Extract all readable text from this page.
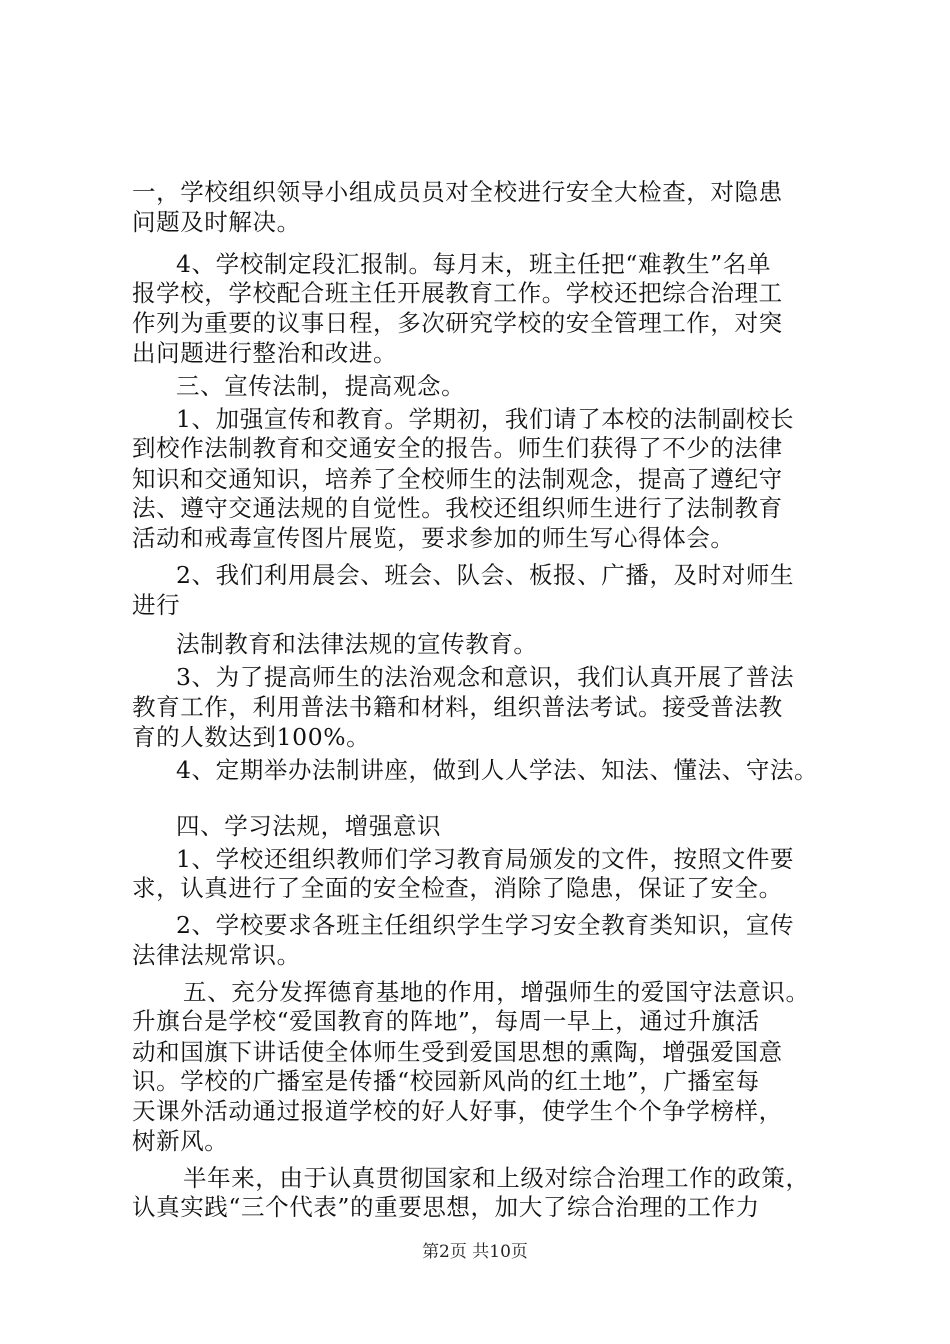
一，学校组织领导小组成员员对全校进行安全大检查，对隐患
问题及时解决。
4、学校制定段汇报制。每月末，班主任把“难教生”名单
报学校，学校配合班主任开展教育工作。学校还把综合治理工
作列为重要的议事日程，多次研究学校的安全管理工作，对突
出问题进行整治和改进。
三、宣传法制，提高观念。
1、加强宣传和教育。学期初，我们请了本校的法制副校长
到校作法制教育和交通安全的报告。师生们获得了不少的法律
知识和交通知识，培养了全校师生的法制观念，提高了遵纪守
法、遵守交通法规的自觉性。我校还组织师生进行了法制教育
活动和戒毒宣传图片展览，要求参加的师生写心得体会。
2、我们利用晨会、班会、队会、板报、广播，及时对师生
进行
法制教育和法律法规的宣传教育。
3、为了提高师生的法治观念和意识，我们认真开展了普法
教育工作，利用普法书籍和材料，组织普法考试。接受普法教
育的人数达到100%。
4、定期举办法制讲座，做到人人学法、知法、懂法、守法。
四、学习法规，增强意识
1、学校还组织教师们学习教育局颁发的文件，按照文件要
求，认真进行了全面的安全检查，消除了隐患，保证了安全。
2、学校要求各班主任组织学生学习安全教育类知识，宣传
法律法规常识。
五、充分发挥德育基地的作用，增强师生的爱国守法意识。
升旗台是学校“爱国教育的阵地”，每周一早上，通过升旗活
动和国旗下讲话使全体师生受到爱国思想的熏陶，增强爱国意
识。学校的广播室是传播“校园新风尚的红土地”，广播室每
天课外活动通过报道学校的好人好事，使学生个个争学榜样，
树新风。
半年来，由于认真贯彻国家和上级对综合治理工作的政策，
认真实践“三个代表”的重要思想，加大了综合治理的工作力
第2页 共10页
